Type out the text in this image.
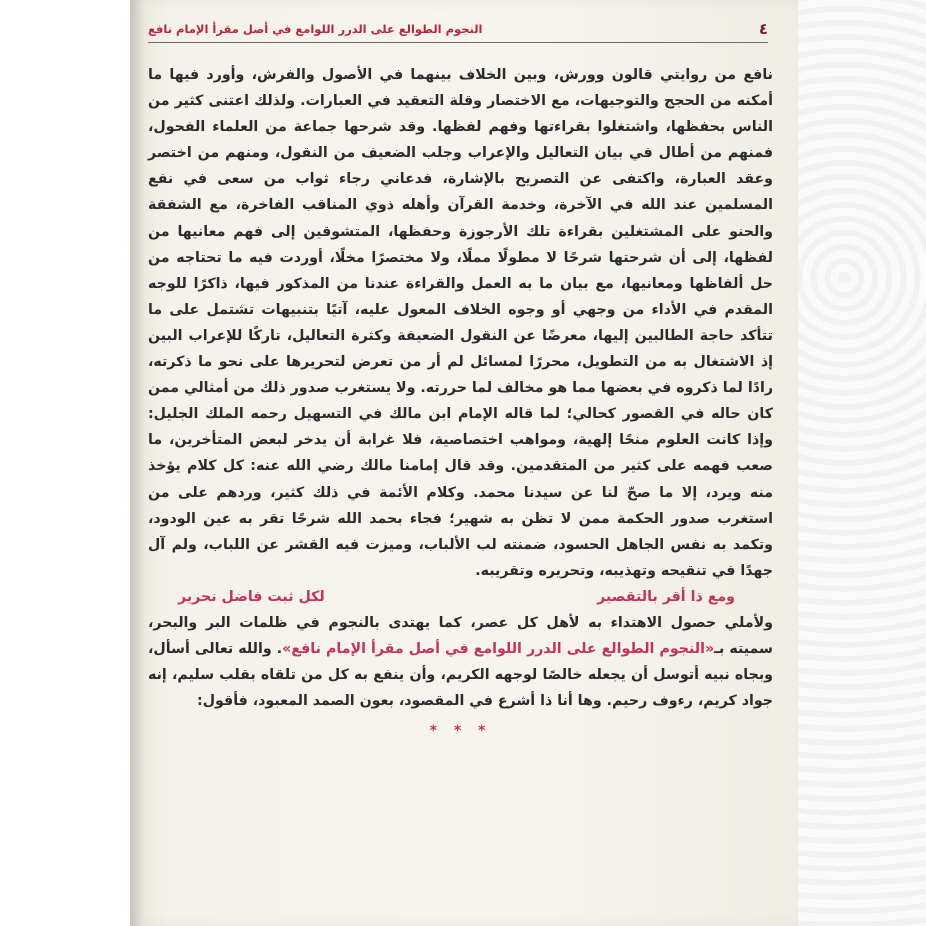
٤
النجوم الطوالع على الدرر اللوامع في أصل مقرأ الإمام نافع

نافع من روايتي قالون وورش، وبين الخلاف بينهما في الأصول والفرش، وأورد فيها ما أمكنه من الحجج والتوجيهات، مع الاختصار وقلة التعقيد في العبارات. ولذلك اعتنى كثير من الناس بحفظها، واشتغلوا بقراءتها وفهم لفظها. وقد شرحها جماعة من العلماء الفحول، فمنهم من أطال في بيان التعاليل والإعراب وجلب الضعيف من النقول، ومنهم من اختصر وعقد العبارة، واكتفى عن التصريح بالإشارة، فدعاني رجاء ثواب من سعى في نفع المسلمين عند الله في الآخرة، وخدمة القرآن وأهله ذوي المناقب الفاخرة، مع الشفقة والحنو على المشتغلين بقراءة تلك الأرجوزة وحفظها، المتشوقين إلى فهم معانيها من لفظها، إلى أن شرحتها شرحًا لا مطولًا مملًا، ولا مختصرًا مخلًا، أوردت فيه ما تحتاجه من حل ألفاظها ومعانيها، مع بيان ما به العمل والقراءة عندنا من المذكور فيها، ذاكرًا للوجه المقدم في الأداء من وجهي أو وجوه الخلاف المعول عليه، آتيًا بتنبيهات تشتمل على ما تتأكد حاجة الطالبين إليها، معرضًا عن النقول الضعيفة وكثرة التعاليل، تاركًا للإعراب البين إذ الاشتغال به من التطويل، محررًا لمسائل لم أر من تعرض لتحريرها على نحو ما ذكرته، رادًا لما ذكروه في بعضها مما هو مخالف لما حررته. ولا يستغرب صدور ذلك من أمثالي ممن كان حاله في القصور كحالي؛ لما قاله الإمام ابن مالك في التسهيل رحمه الملك الجليل: وإذا كانت العلوم منحًا إلهية، ومواهب اختصاصية، فلا غرابة أن يدخر لبعض المتأخرين، ما صعب فهمه على كثير من المتقدمين. وقد قال إمامنا مالك رضي الله عنه: كل كلام يؤخذ منه ويرد، إلا ما صحّ لنا عن سيدنا محمد. وكلام الأئمة في ذلك كثير، وردهم على من استغرب صدور الحكمة ممن لا تظن به شهير؛ فجاء بحمد الله شرحًا تقر به عين الودود، وتكمد به نفس الجاهل الحسود، ضمنته لب الألباب، وميزت فيه القشر عن اللباب، ولم آل جهدًا في تنقيحه وتهذيبه، وتحريره وتقريبه.

ومع ذا أقر بالتقصير
لكل ثبت فاضل نحرير

ولأملي حصول الاهتداء به لأهل كل عصر، كما يهتدى بالنجوم في ظلمات البر والبحر، سميته بـ«النجوم الطوالع على الدرر اللوامع في أصل مقرأ الإمام نافع». والله تعالى أسأل، وبجاه نبيه أتوسل أن يجعله خالصًا لوجهه الكريم، وأن ينفع به كل من تلقاه بقلب سليم، إنه جواد كريم، رءوف رحيم. وها أنا ذا أشرع في المقصود، بعون الصمد المعبود، فأقول:

* * *
